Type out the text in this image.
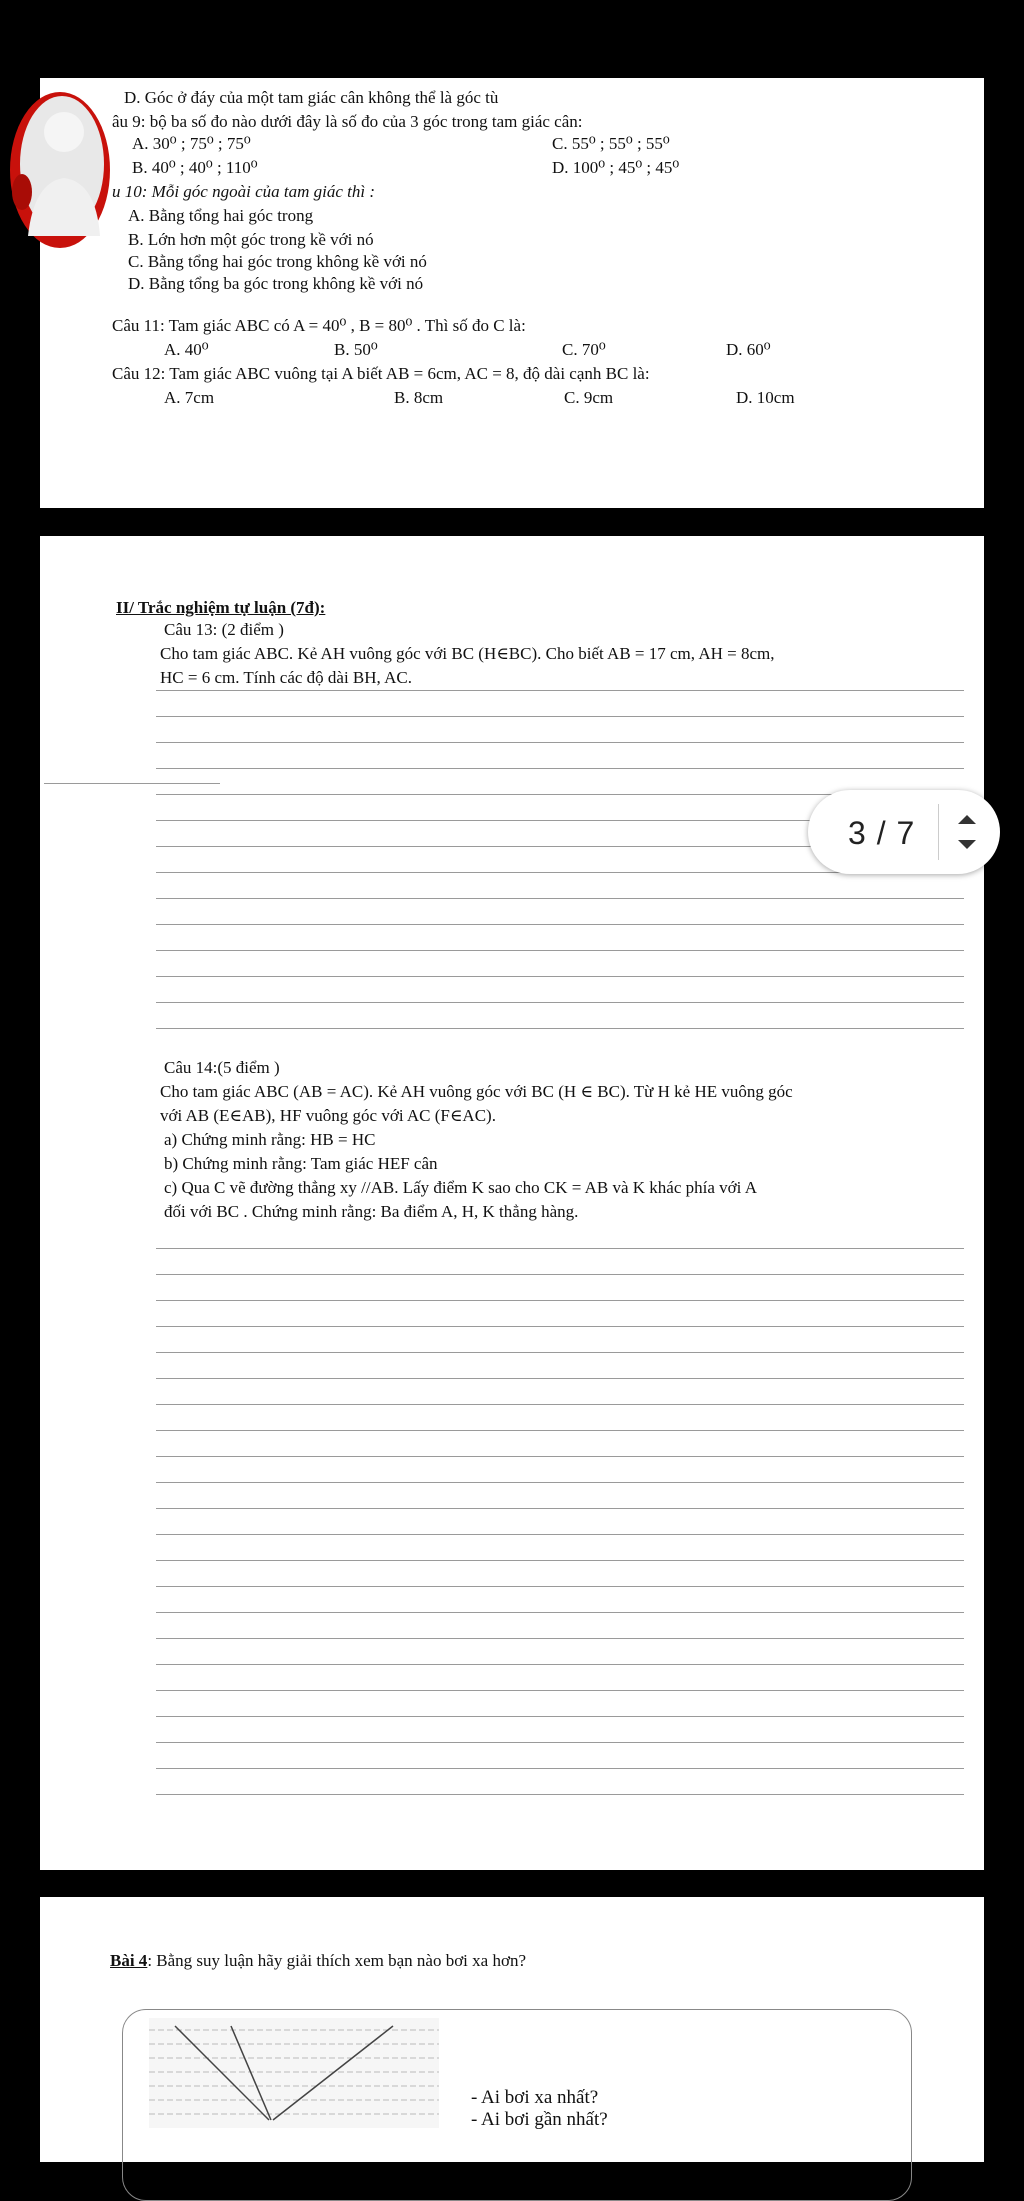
D. Góc ở đáy của một tam giác cân không thể là góc tù
âu 9: bộ ba số đo nào dưới đây là số đo của 3 góc trong tam giác cân:
A. 30⁰ ; 75⁰ ; 75⁰	C. 55⁰ ; 55⁰ ; 55⁰
B. 40⁰ ; 40⁰ ; 110⁰	D. 100⁰ ; 45⁰ ; 45⁰
u 10: Mỗi góc ngoài của tam giác thì :
A. Bằng tổng hai góc trong
B. Lớn hơn một góc trong kề với nó
C. Bằng tổng hai góc trong không kề với nó
D. Bằng tổng ba góc trong không kề với nó
Câu 11: Tam giác ABC có A = 40⁰ , B = 80⁰ . Thì số đo C là:
A. 40⁰	B. 50⁰	C. 70⁰	D. 60⁰
Câu 12: Tam giác ABC vuông tại A biết AB = 6cm, AC = 8, độ dài cạnh BC là:
A. 7cm	B. 8cm	C. 9cm	D. 10cm
II/ Trắc nghiệm tự luận (7đ):
Câu 13: (2 điểm )
Cho tam giác ABC. Kẻ AH vuông góc với BC (H∈BC). Cho biết AB = 17 cm, AH = 8cm,
HC = 6 cm. Tính các độ dài BH, AC.
Câu 14:(5 điểm )
Cho tam giác ABC (AB = AC). Kẻ AH vuông góc với BC (H ∈ BC). Từ H kẻ HE vuông góc
với AB (E∈AB), HF vuông góc với AC (F∈AC).
a) Chứng minh rằng: HB = HC
b) Chứng minh rằng: Tam giác HEF cân
c) Qua C vẽ đường thẳng xy //AB. Lấy điểm K sao cho CK = AB và K khác phía với A
đối với BC . Chứng minh rằng: Ba điểm A, H, K thẳng hàng.
Bài 4: Bằng suy luận hãy giải thích xem bạn nào bơi xa hơn?
- Ai bơi xa nhất?
- Ai bơi gần nhất?
3 / 7
